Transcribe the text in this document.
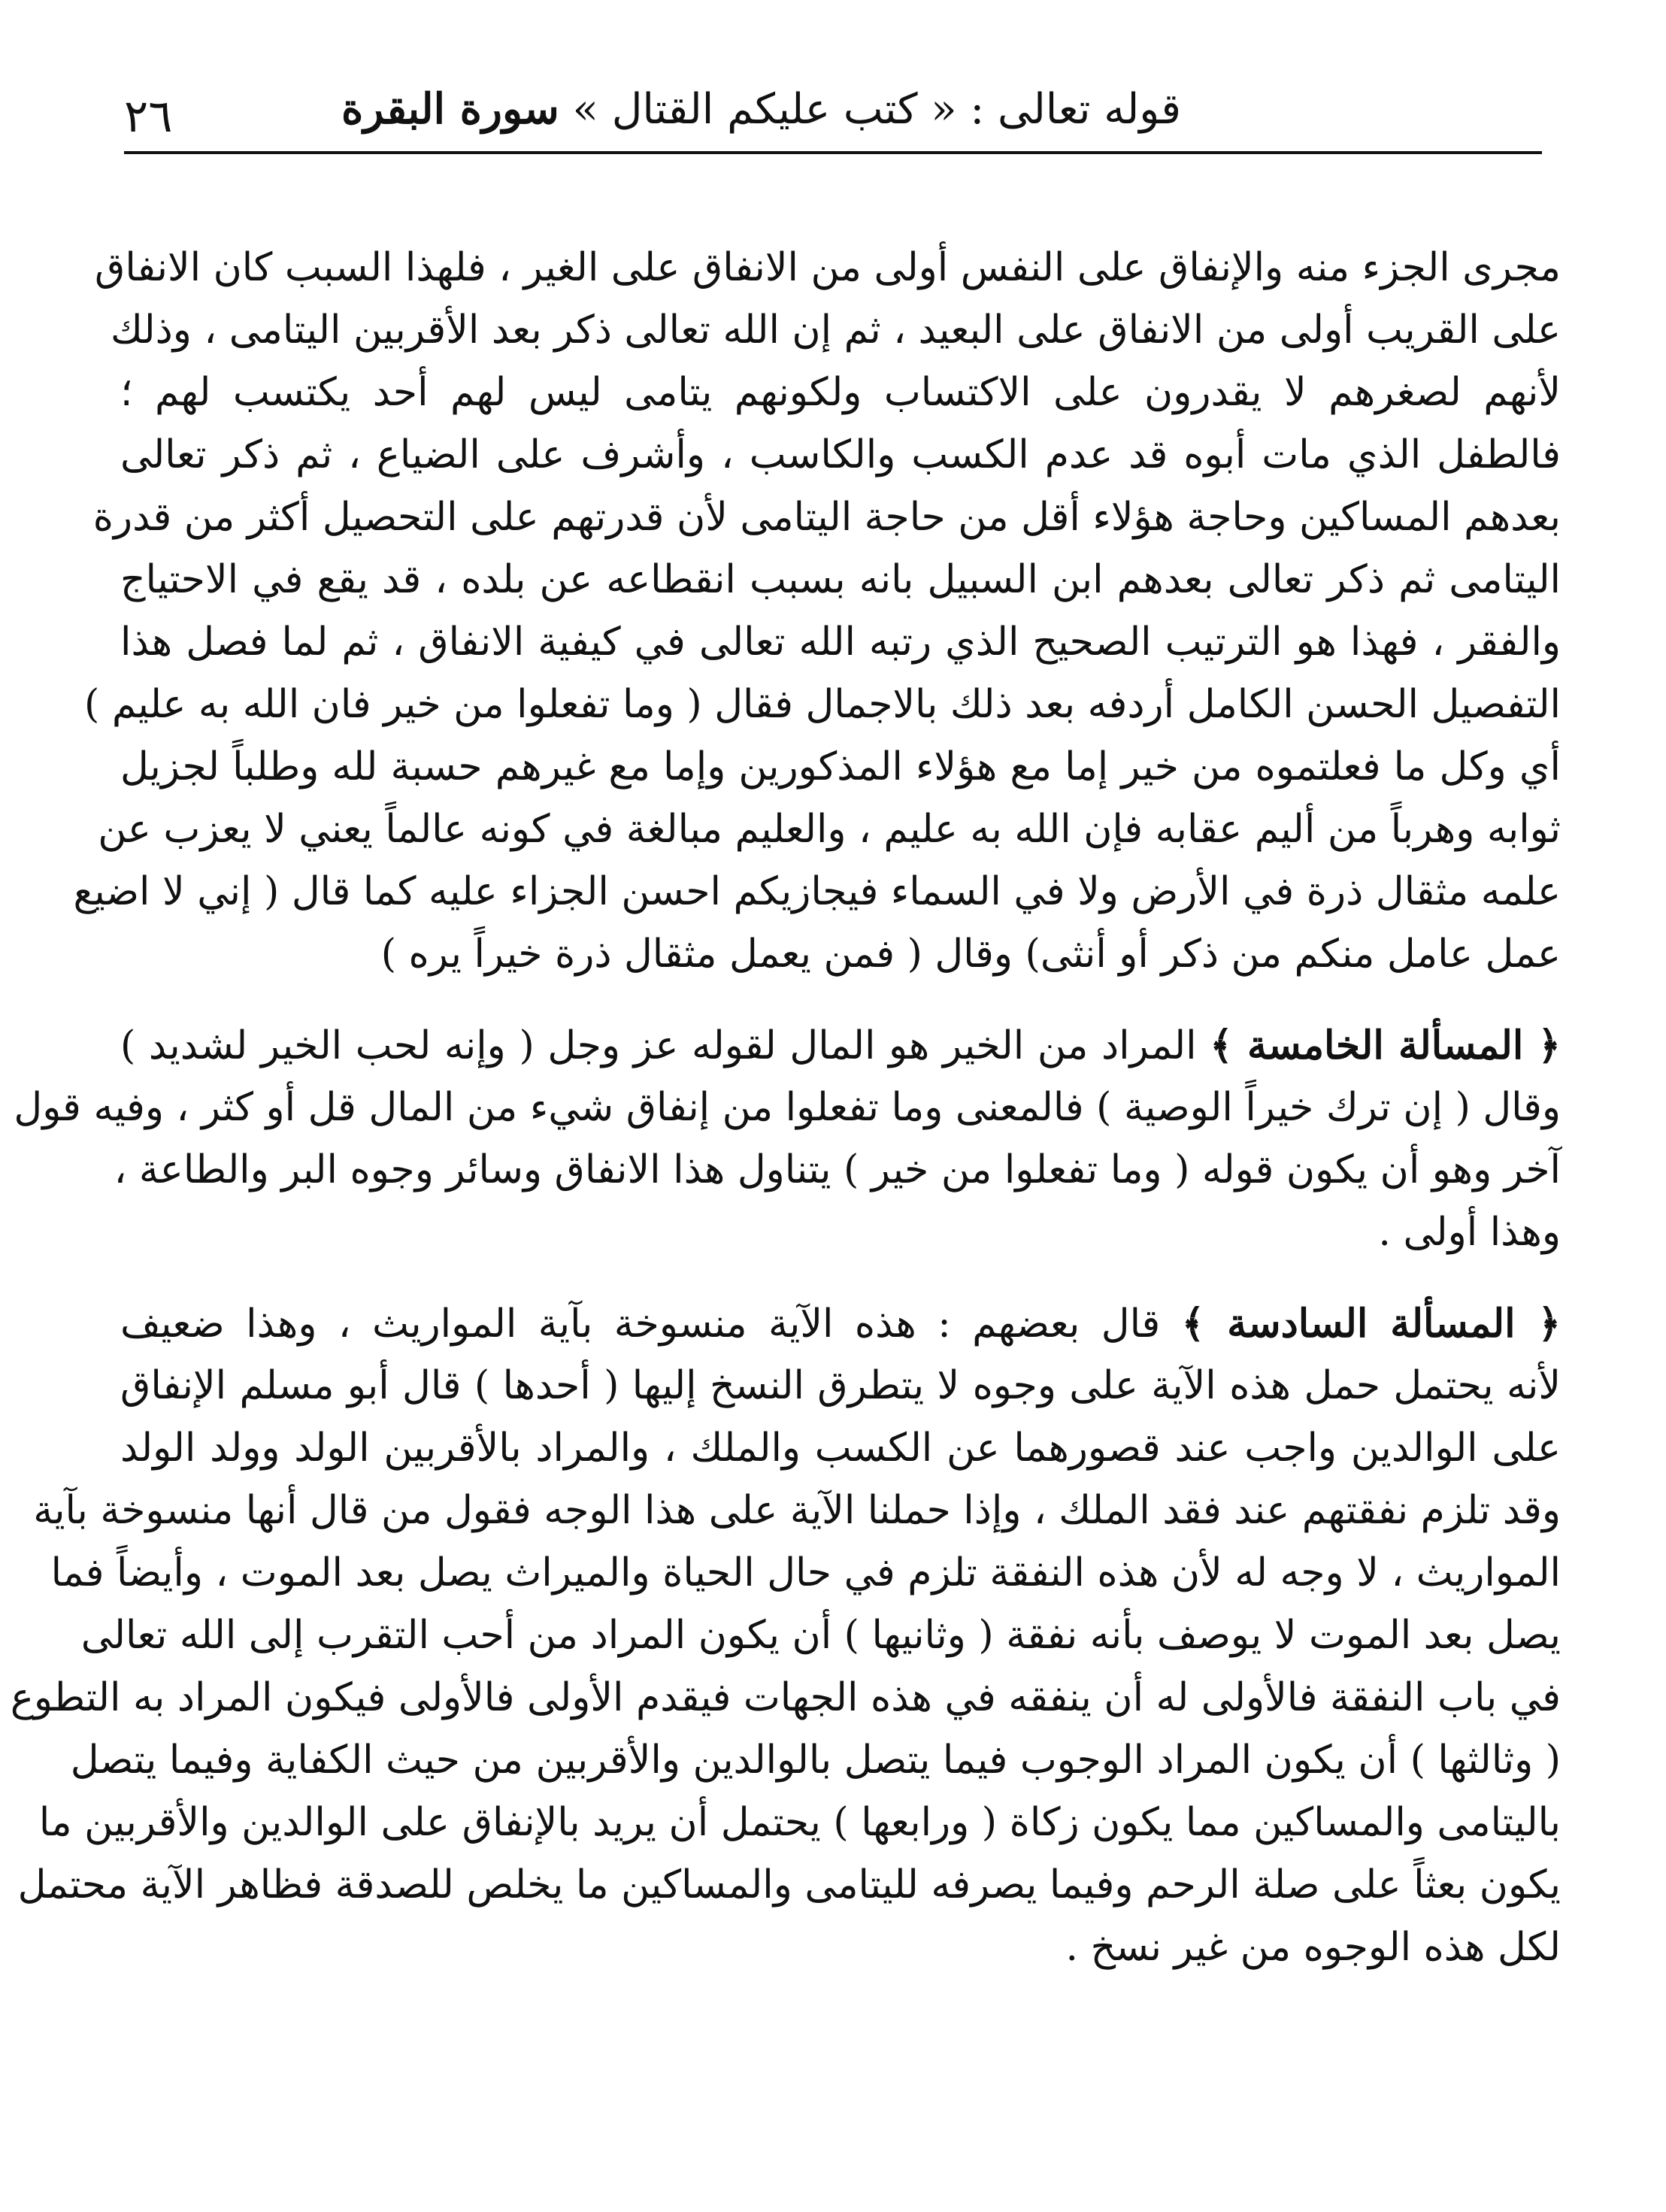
٢٦	قوله تعالى : « كتب عليكم القتال » سورة البقرة
مجرى الجزء منه والإنفاق على النفس أولى من الانفاق على الغير ، فلهذا السبب كان الانفاق
على القريب أولى من الانفاق على البعيد ، ثم إن الله تعالى ذكر بعد الأقربين اليتامى ، وذلك
لأنهم لصغرهم لا يقدرون على الاكتساب ولكونهم يتامى ليس لهم أحد يكتسب لهم ؛
فالطفل الذي مات أبوه قد عدم الكسب والكاسب ، وأشرف على الضياع ، ثم ذكر تعالى
بعدهم المساكين وحاجة هؤلاء أقل من حاجة اليتامى لأن قدرتهم على التحصيل أكثر من قدرة
اليتامى ثم ذكر تعالى بعدهم ابن السبيل بانه بسبب انقطاعه عن بلده ، قد يقع في الاحتياج
والفقر ، فهذا هو الترتيب الصحيح الذي رتبه الله تعالى في كيفية الانفاق ، ثم لما فصل هذا
التفصيل الحسن الكامل أردفه بعد ذلك بالاجمال فقال ( وما تفعلوا من خير فان الله به عليم )
أي وكل ما فعلتموه من خير إما مع هؤلاء المذكورين وإما مع غيرهم حسبة لله وطلباً لجزيل
ثوابه وهرباً من أليم عقابه فإن الله به عليم ، والعليم مبالغة في كونه عالماً يعني لا يعزب عن
علمه مثقال ذرة في الأرض ولا في السماء فيجازيكم احسن الجزاء عليه كما قال ( إني لا اضيع
عمل عامل منكم من ذكر أو أنثى) وقال ( فمن يعمل مثقال ذرة خيراً يره )
﴿ المسألة الخامسة ﴾ المراد من الخير هو المال لقوله عز وجل ( وإنه لحب الخير لشديد )
وقال ( إن ترك خيراً الوصية ) فالمعنى وما تفعلوا من إنفاق شيء من المال قل أو كثر ، وفيه قول
آخر وهو أن يكون قوله ( وما تفعلوا من خير ) يتناول هذا الانفاق وسائر وجوه البر والطاعة ،
وهذا أولى .
﴿ المسألة السادسة ﴾ قال بعضهم : هذه الآية منسوخة بآية المواريث ، وهذا ضعيف
لأنه يحتمل حمل هذه الآية على وجوه لا يتطرق النسخ إليها ( أحدها ) قال أبو مسلم الإنفاق
على الوالدين واجب عند قصورهما عن الكسب والملك ، والمراد بالأقربين الولد وولد الولد
وقد تلزم نفقتهم عند فقد الملك ، وإذا حملنا الآية على هذا الوجه فقول من قال أنها منسوخة بآية
المواريث ، لا وجه له لأن هذه النفقة تلزم في حال الحياة والميراث يصل بعد الموت ، وأيضاً فما
يصل بعد الموت لا يوصف بأنه نفقة ( وثانيها ) أن يكون المراد من أحب التقرب إلى الله تعالى
في باب النفقة فالأولى له أن ينفقه في هذه الجهات فيقدم الأولى فالأولى فيكون المراد به التطوع
( وثالثها ) أن يكون المراد الوجوب فيما يتصل بالوالدين والأقربين من حيث الكفاية وفيما يتصل
باليتامى والمساكين مما يكون زكاة ( ورابعها ) يحتمل أن يريد بالإنفاق على الوالدين والأقربين ما
يكون بعثاً على صلة الرحم وفيما يصرفه لليتامى والمساكين ما يخلص للصدقة فظاهر الآية محتمل
لكل هذه الوجوه من غير نسخ .
